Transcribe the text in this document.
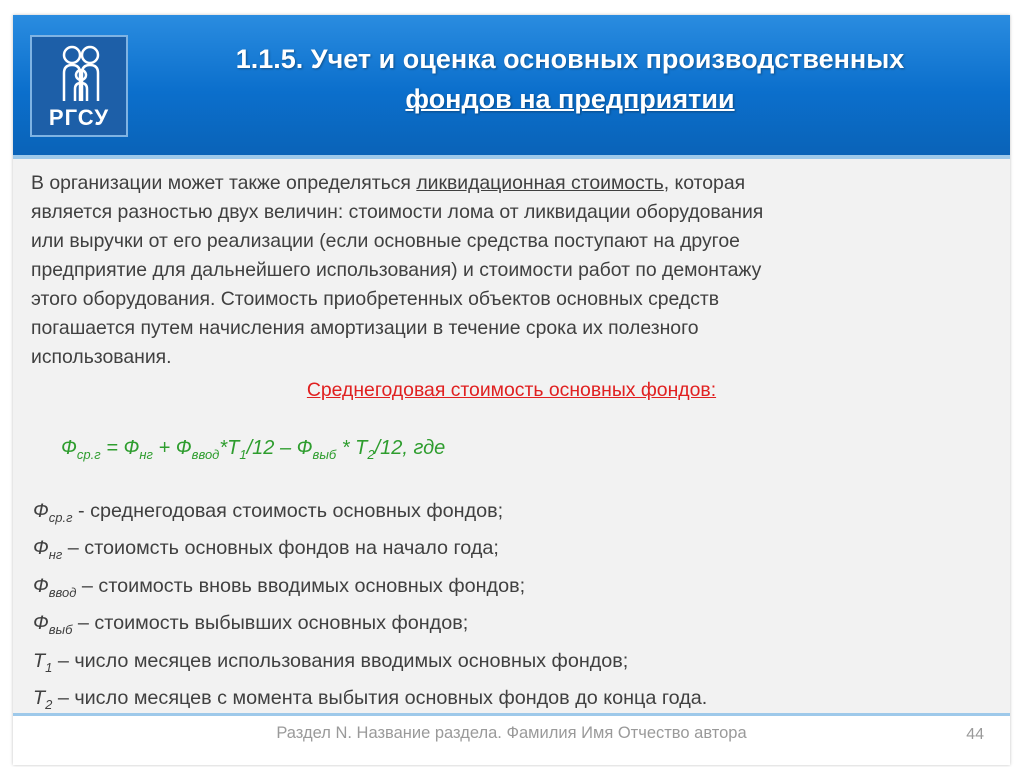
РГСУ
1.1.5. Учет и оценка основных производственных
фондов на предприятии
В организации может также определяться ликвидационная стоимость, которая
является разностью двух величин: стоимости лома от ликвидации оборудования
или выручки от его реализации (если основные средства поступают на другое
предприятие для дальнейшего использования) и стоимости работ по демонтажу
этого оборудования. Стоимость приобретенных объектов основных средств
погашается путем начисления амортизации в течение срока их полезного
использования.
Среднегодовая стоимость основных фондов:
$Ф_{ср.г} = Ф_{нг} + Ф_{ввод}*Т_1/12 - Ф_{выб} * Т_2/12$, где
$Ф_{ср.г}$ - среднегодовая стоимость основных фондов;
$Ф_{нг}$ – стоиомсть основных фондов на начало года;
$Ф_{ввод}$ – стоимость вновь вводимых основных фондов;
$Ф_{выб}$ – стоимость выбывших основных фондов;
$Т_1$ – число месяцев использования вводимых основных фондов;
$Т_2$ – число месяцев с момента выбытия основных фондов до конца года.
Раздел N. Название раздела. Фамилия Имя Отчество автора	44
